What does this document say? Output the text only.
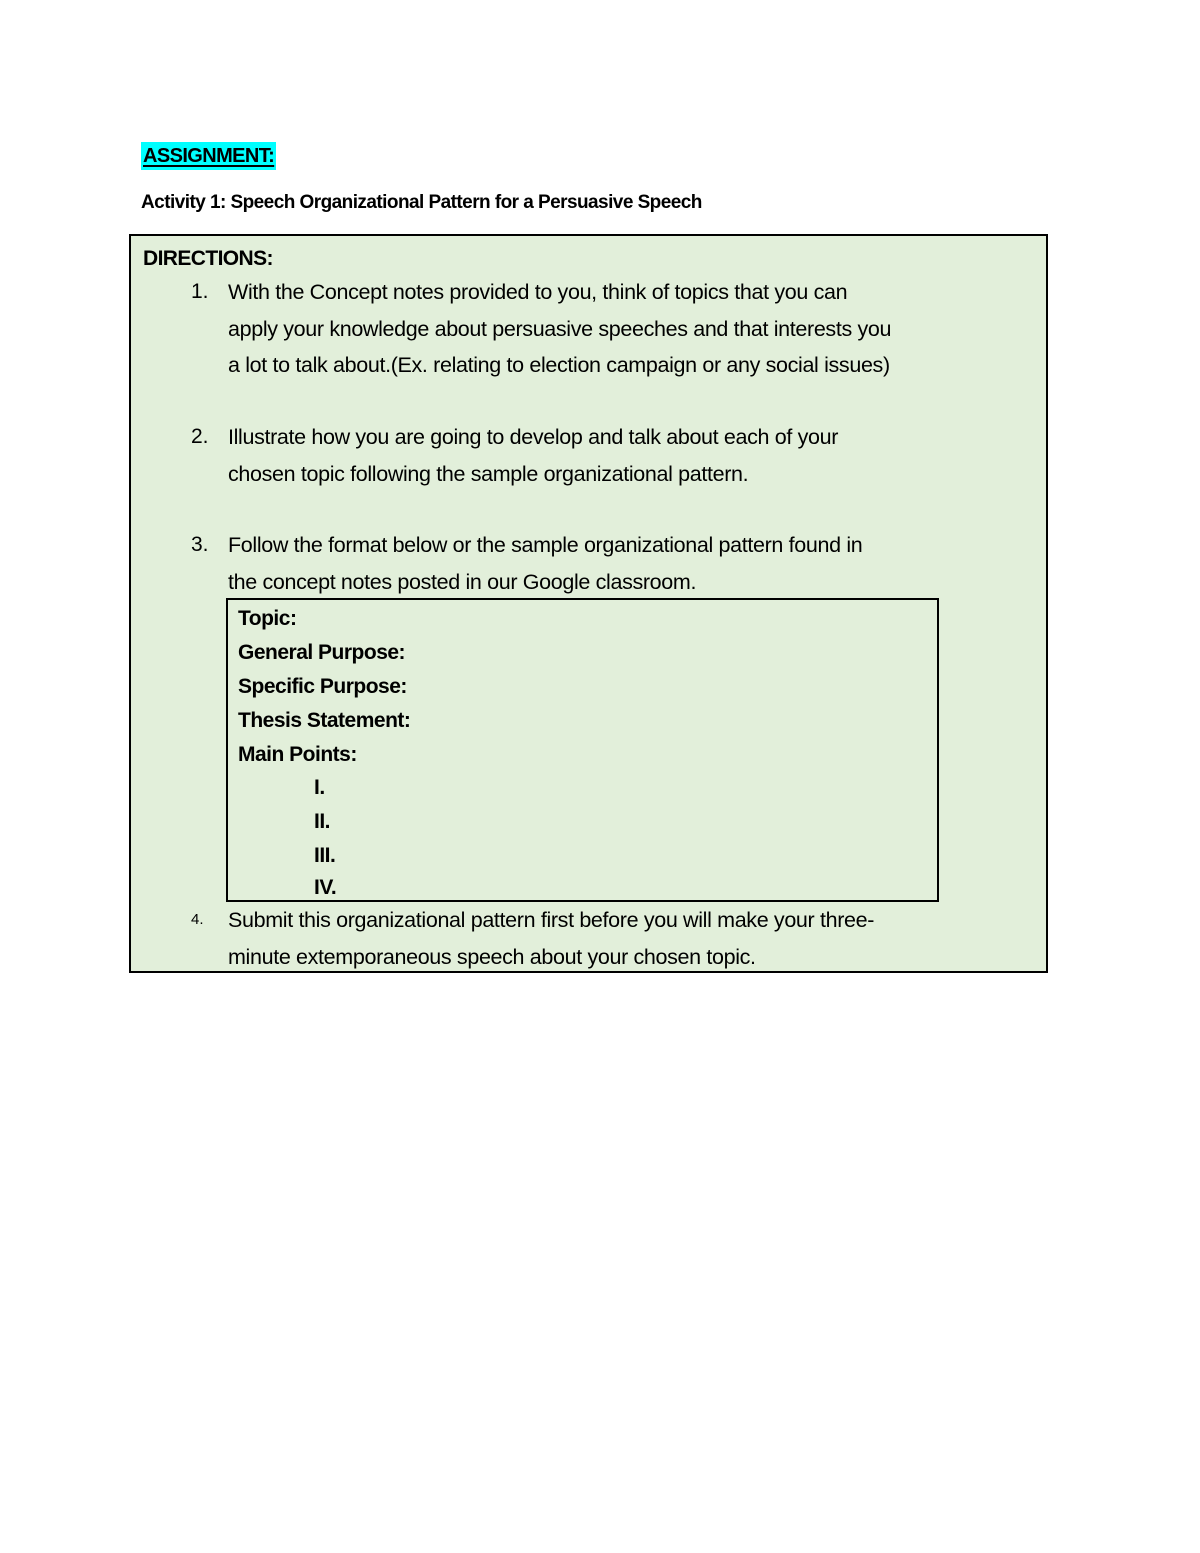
ASSIGNMENT:
Activity 1: Speech Organizational Pattern for a Persuasive Speech
DIRECTIONS:
1. With the Concept notes provided to you, think of topics that you can
apply your knowledge about persuasive speeches and that interests you
a lot to talk about.(Ex. relating to election campaign or any social issues)
2. Illustrate how you are going to develop and talk about each of your
chosen topic following the sample organizational pattern.
3. Follow the format below or the sample organizational pattern found in
the concept notes posted in our Google classroom.
Topic:
General Purpose:
Specific Purpose:
Thesis Statement:
Main Points:
I.
II.
III.
IV.
4. Submit this organizational pattern first before you will make your three-
minute extemporaneous speech about your chosen topic.
